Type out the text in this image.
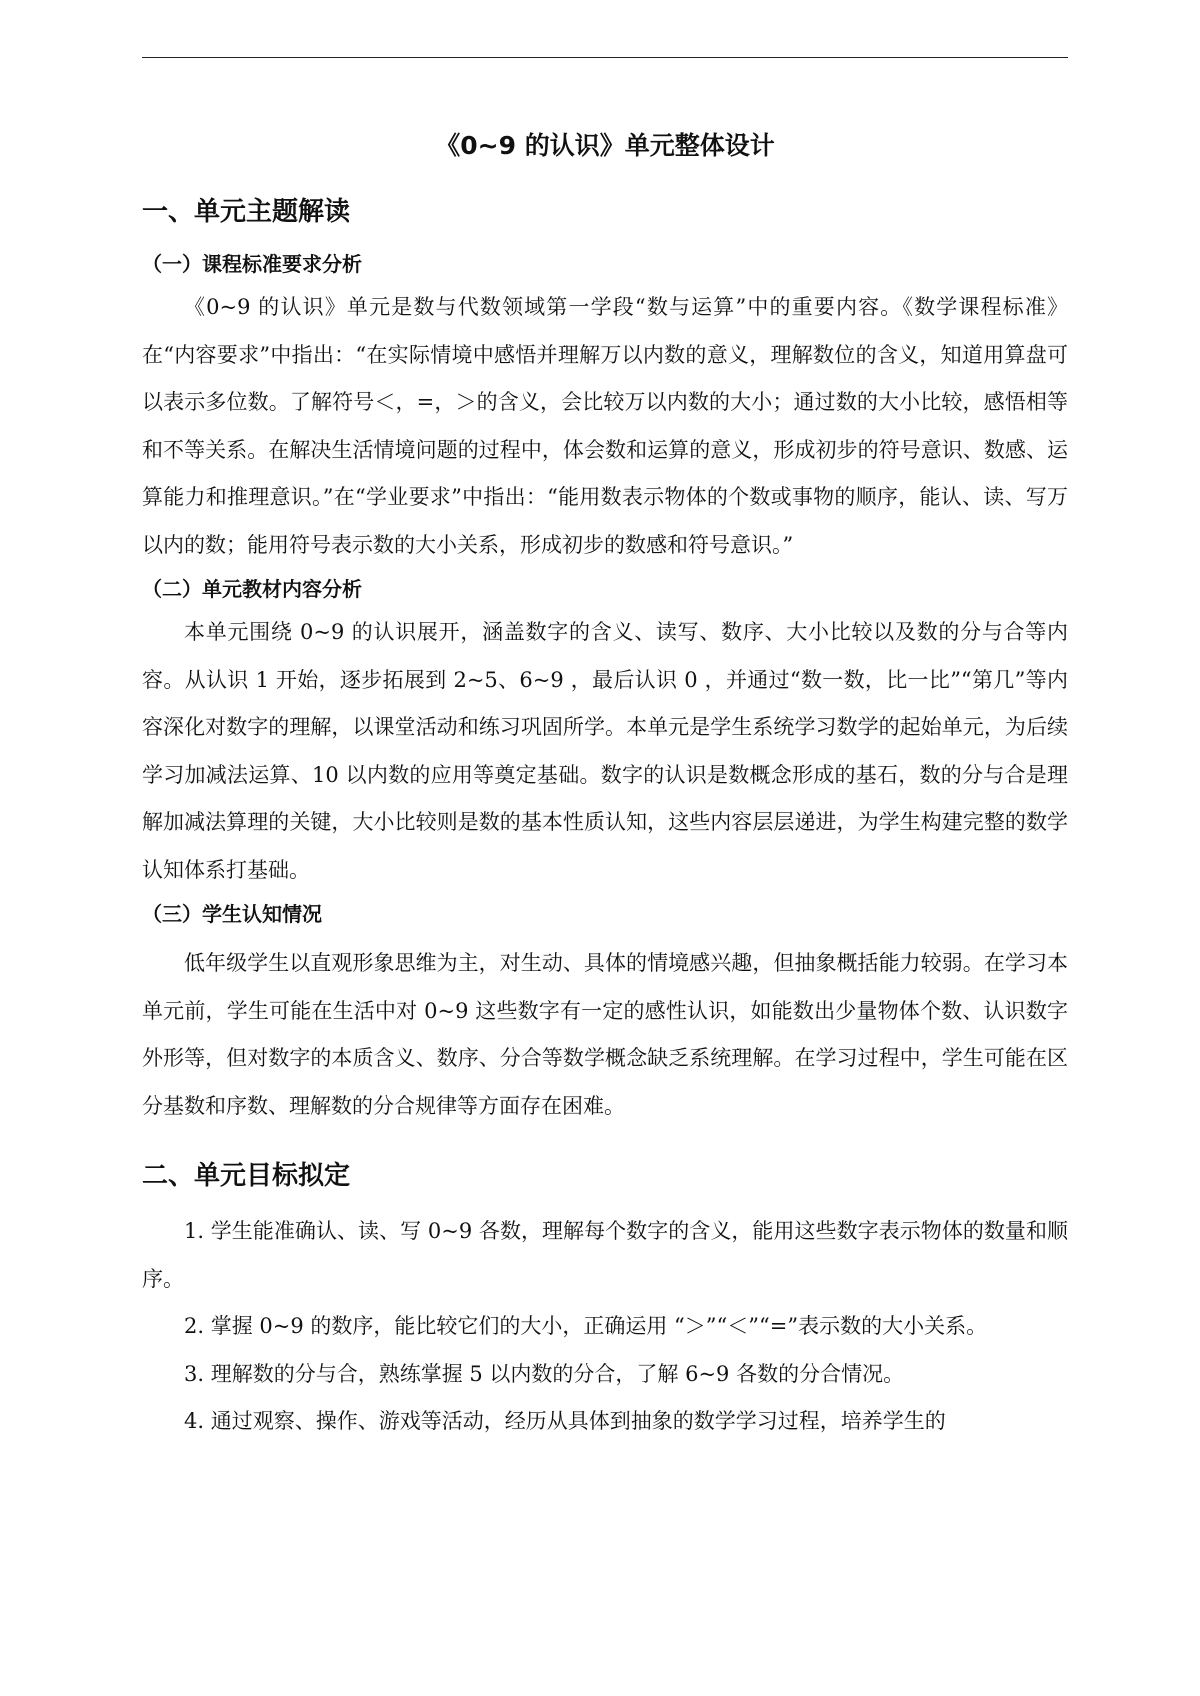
《0~9 的认识》单元整体设计
一、单元主题解读
（一）课程标准要求分析

《0~9 的认识》单元是数与代数领域第一学段“数与运算”中的重要内容。《数学课程标准》在“内容要求”中指出：“在实际情境中感悟并理解万以内数的意义，理解数位的含义，知道用算盘可以表示多位数。了解符号＜，=，＞的含义，会比较万以内数的大小；通过数的大小比较，感悟相等和不等关系。在解决生活情境问题的过程中，体会数和运算的意义，形成初步的符号意识、数感、运算能力和推理意识。”在“学业要求”中指出：“能用数表示物体的个数或事物的顺序，能认、读、写万以内的数；能用符号表示数的大小关系，形成初步的数感和符号意识。”

（二）单元教材内容分析

本单元围绕 0~9 的认识展开，涵盖数字的含义、读写、数序、大小比较以及数的分与合等内容。从认识 1 开始，逐步拓展到 2~5、6~9 ，最后认识 0 ，并通过“数一数，比一比”“第几”等内容深化对数字的理解，以课堂活动和练习巩固所学。本单元是学生系统学习数学的起始单元，为后续学习加减法运算、10 以内数的应用等奠定基础。数字的认识是数概念形成的基石，数的分与合是理解加减法算理的关键，大小比较则是数的基本性质认知，这些内容层层递进，为学生构建完整的数学认知体系打基础。

（三）学生认知情况

低年级学生以直观形象思维为主，对生动、具体的情境感兴趣，但抽象概括能力较弱。在学习本单元前，学生可能在生活中对 0~9 这些数字有一定的感性认识，如能数出少量物体个数、认识数字外形等，但对数字的本质含义、数序、分合等数学概念缺乏系统理解。在学习过程中，学生可能在区分基数和序数、理解数的分合规律等方面存在困难。

二、单元目标拟定

1. 学生能准确认、读、写 0~9 各数，理解每个数字的含义，能用这些数字表示物体的数量和顺序。

2. 掌握 0~9 的数序，能比较它们的大小，正确运用 “＞”“＜”“=”表示数的大小关系。

3. 理解数的分与合，熟练掌握 5 以内数的分合，了解 6~9 各数的分合情况。

4. 通过观察、操作、游戏等活动，经历从具体到抽象的数学学习过程，培养学生的
